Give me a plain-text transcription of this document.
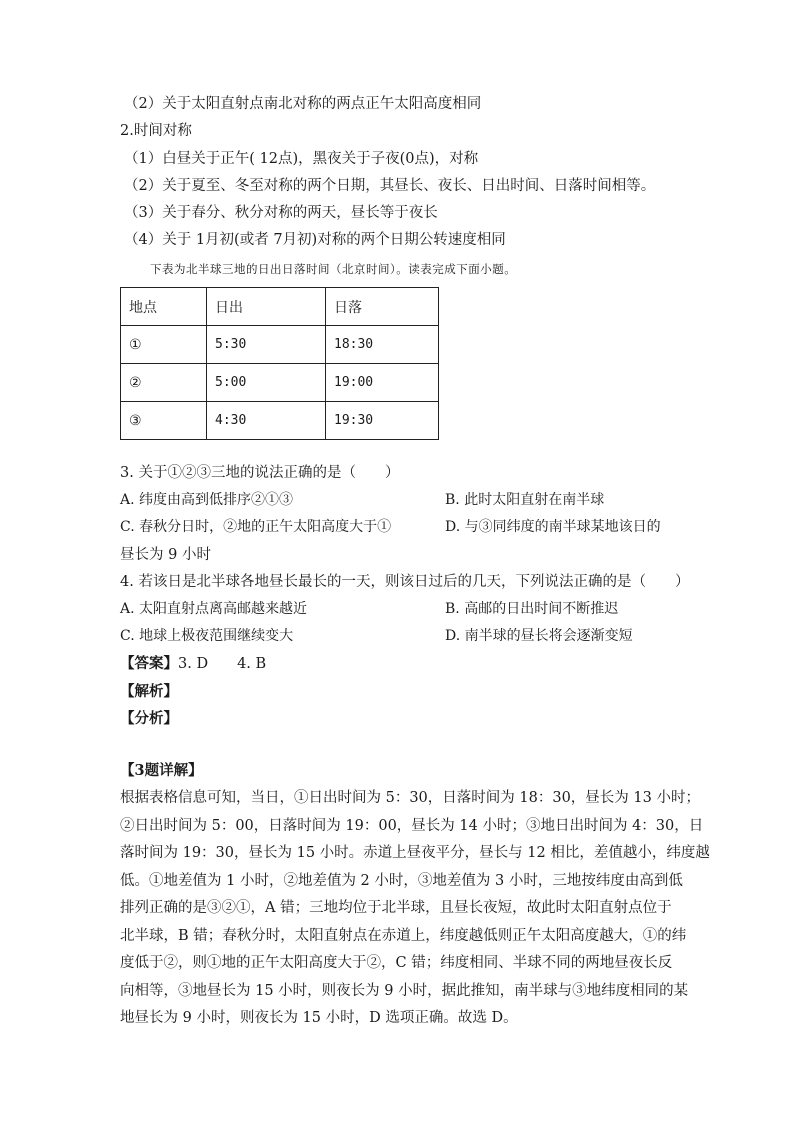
（2）关于太阳直射点南北对称的两点正午太阳高度相同
2.时间对称
（1）白昼关于正午( 12点)，黑夜关于子夜(0点)，对称
（2）关于夏至、冬至对称的两个日期，其昼长、夜长、日出时间、日落时间相等。
（3）关于春分、秋分对称的两天，昼长等于夜长
（4）关于 1月初(或者 7月初)对称的两个日期公转速度相同
下表为北半球三地的日出日落时间（北京时间）。读表完成下面小题。
地点	日出	日落
①	5:30	18:30
②	5:00	19:00
③	4:30	19:30
3. 关于①②③三地的说法正确的是（　　）
A. 纬度由高到低排序②①③	B. 此时太阳直射在南半球
C. 春秋分日时，②地的正午太阳高度大于①	D. 与③同纬度的南半球某地该日的
昼长为 9 小时
4. 若该日是北半球各地昼长最长的一天，则该日过后的几天，下列说法正确的是（　　）
A. 太阳直射点离高邮越来越近	B. 高邮的日出时间不断推迟
C. 地球上极夜范围继续变大	D. 南半球的昼长将会逐渐变短
【答案】3. D　　4. B
【解析】
【分析】
【3题详解】
根据表格信息可知，当日，①日出时间为 5：30，日落时间为 18：30，昼长为 13 小时；
②日出时间为 5：00，日落时间为 19：00，昼长为 14 小时；③地日出时间为 4：30，日
落时间为 19：30，昼长为 15 小时。赤道上昼夜平分，昼长与 12 相比，差值越小，纬度越
低。①地差值为 1 小时，②地差值为 2 小时，③地差值为 3 小时，三地按纬度由高到低
排列正确的是③②①，A 错；三地均位于北半球，且昼长夜短，故此时太阳直射点位于
北半球，B 错；春秋分时，太阳直射点在赤道上，纬度越低则正午太阳高度越大，①的纬
度低于②，则①地的正午太阳高度大于②，C 错；纬度相同、半球不同的两地昼夜长反
向相等，③地昼长为 15 小时，则夜长为 9 小时，据此推知，南半球与③地纬度相同的某
地昼长为 9 小时，则夜长为 15 小时，D 选项正确。故选 D。
